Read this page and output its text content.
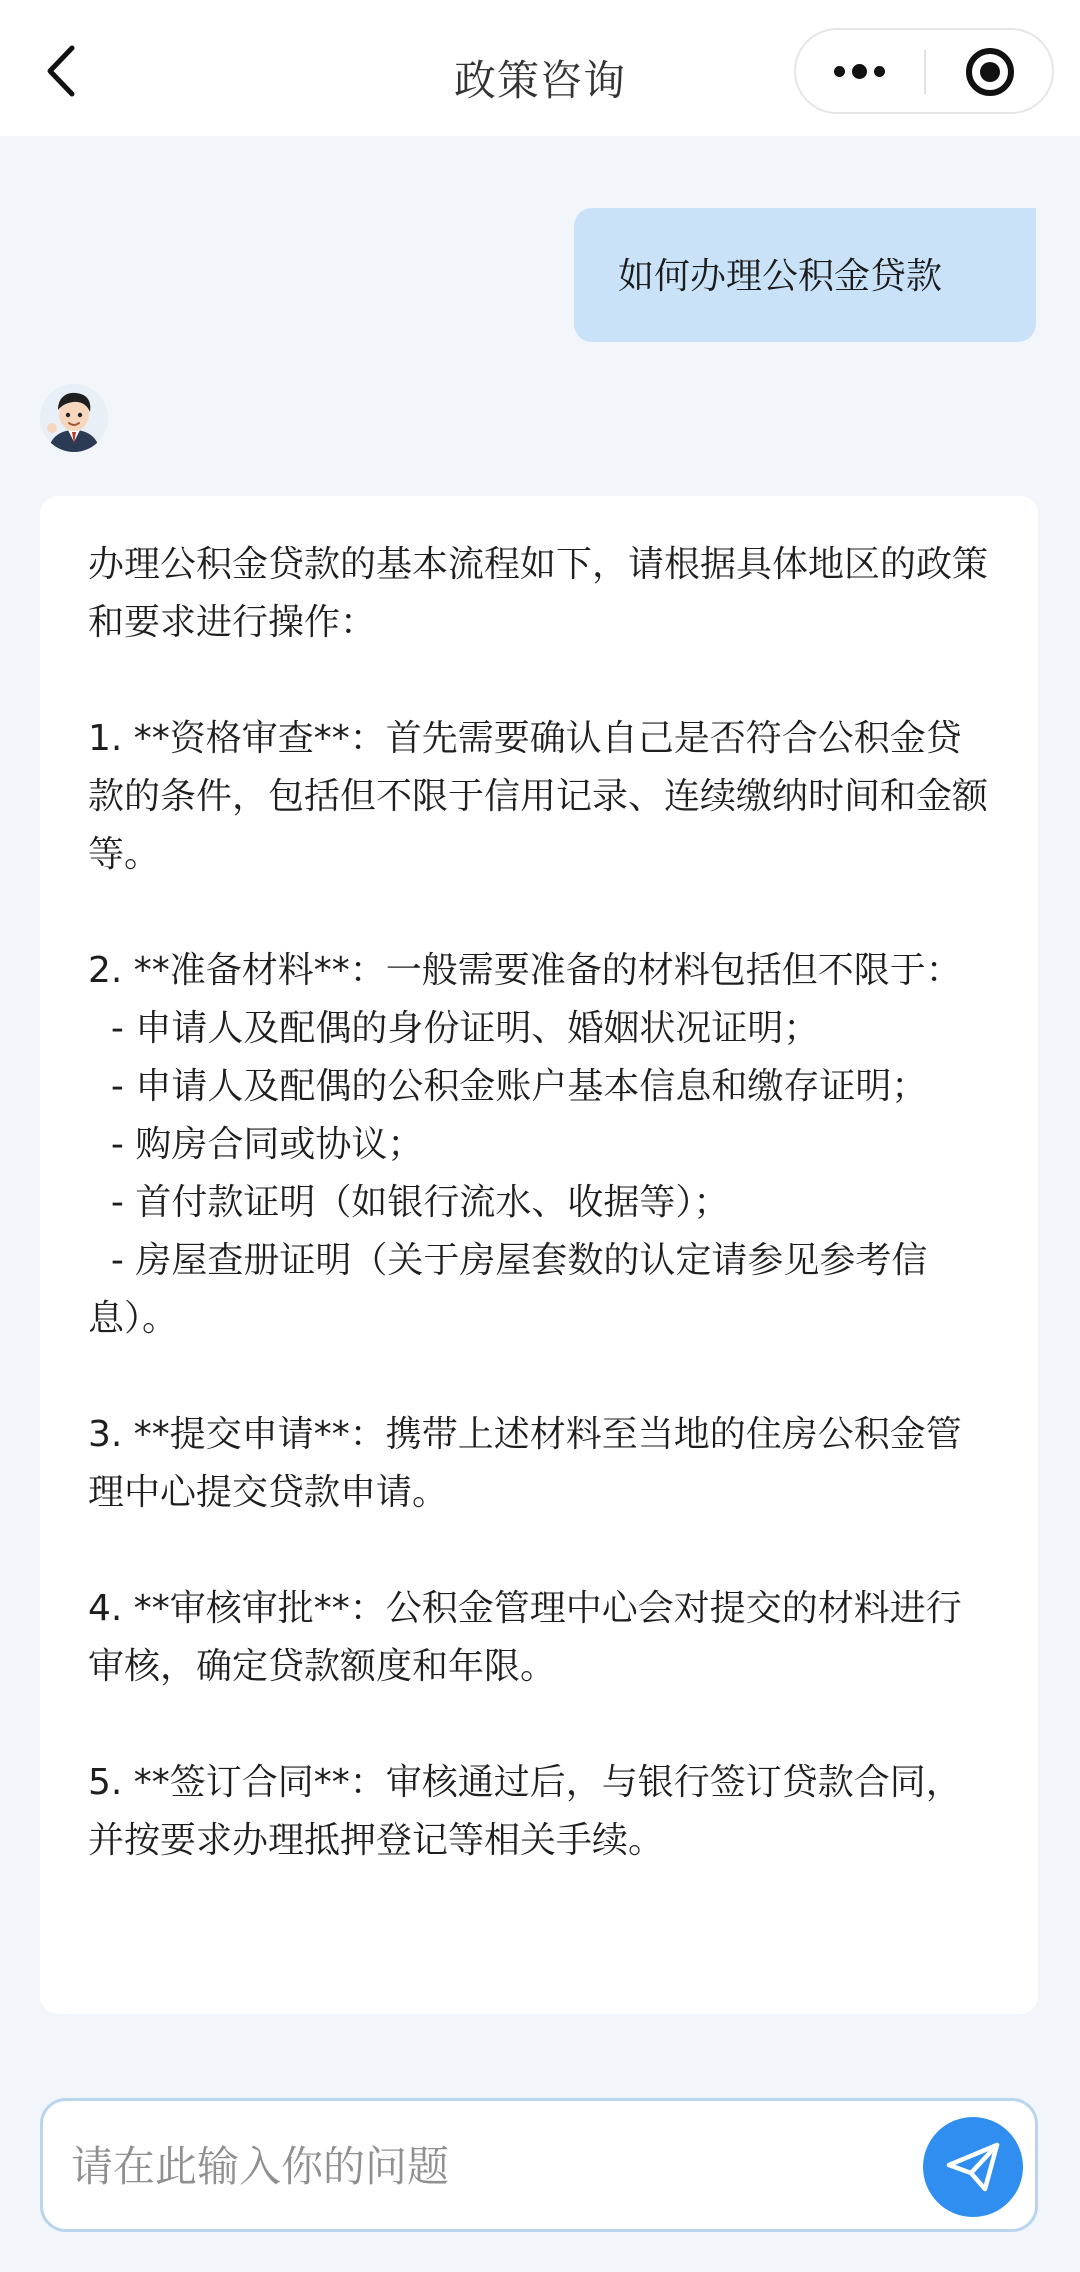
政策咨询
如何办理公积金贷款
办理公积金贷款的基本流程如下，请根据具体地区的政策和要求进行操作：

1. **资格审查**：首先需要确认自己是否符合公积金贷款的条件，包括但不限于信用记录、连续缴纳时间和金额等。

2. **准备材料**：一般需要准备的材料包括但不限于：
- 申请人及配偶的身份证明、婚姻状况证明；
- 申请人及配偶的公积金账户基本信息和缴存证明；
- 购房合同或协议；
- 首付款证明（如银行流水、收据等）；
- 房屋查册证明（关于房屋套数的认定请参见参考信息）。

3. **提交申请**：携带上述材料至当地的住房公积金管理中心提交贷款申请。

4. **审核审批**：公积金管理中心会对提交的材料进行审核，确定贷款额度和年限。

5. **签订合同**：审核通过后，与银行签订贷款合同，并按要求办理抵押登记等相关手续。
请在此输入你的问题
